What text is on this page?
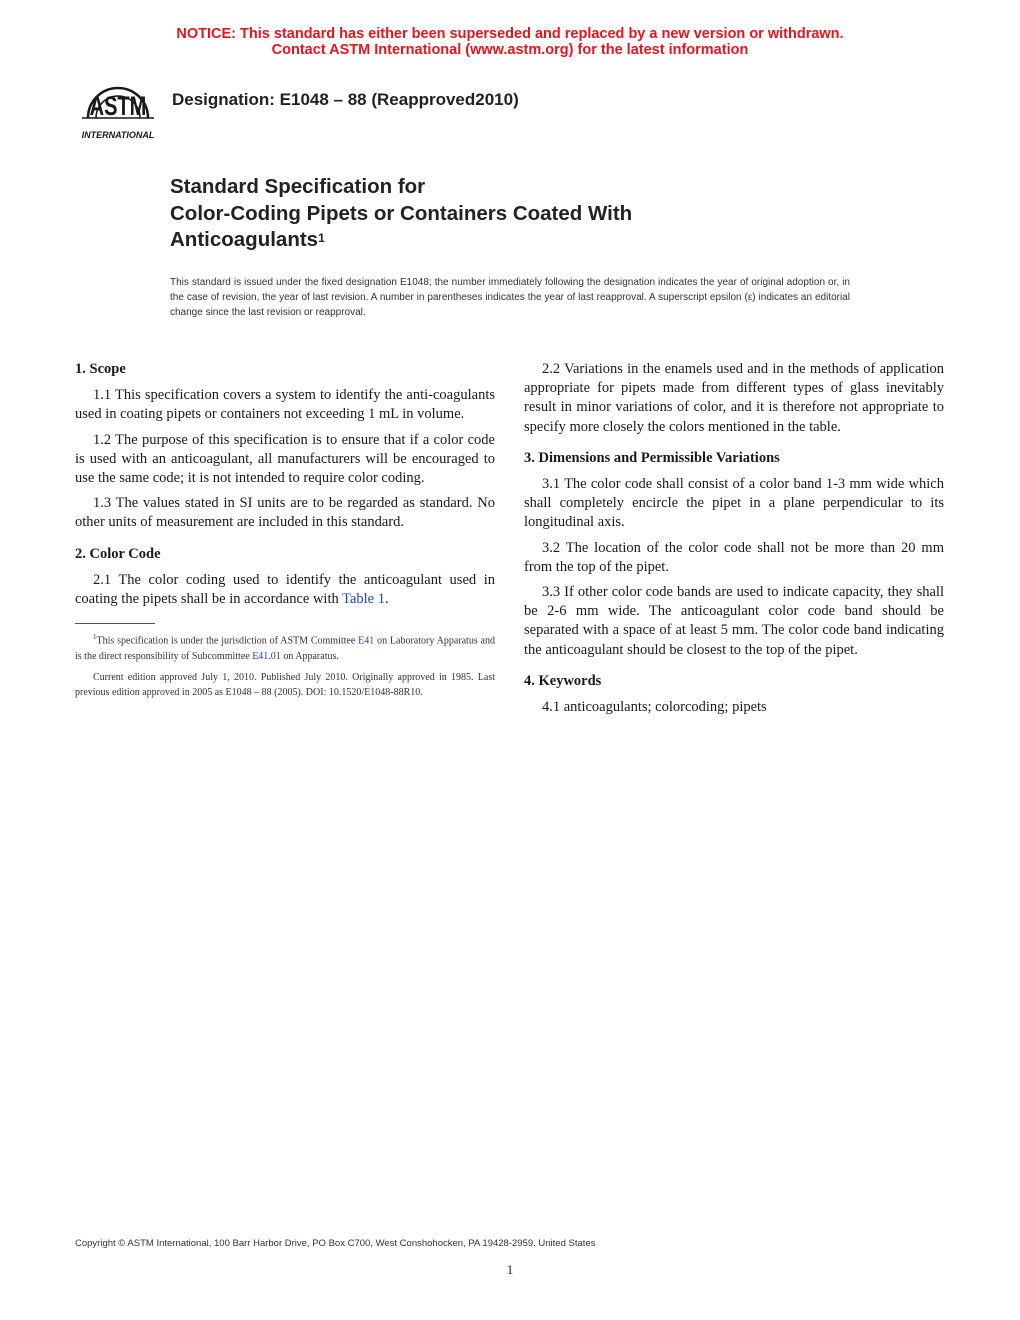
NOTICE: This standard has either been superseded and replaced by a new version or withdrawn.
Contact ASTM International (www.astm.org) for the latest information
ASTM
INTERNATIONAL
Designation: E1048 – 88 (Reapproved2010)
Standard Specification for
Color-Coding Pipets or Containers Coated With
Anticoagulants$^1$
This standard is issued under the fixed designation E1048; the number immediately following the designation indicates the year of original adoption or, in the case of revision, the year of last revision. A number in parentheses indicates the year of last reapproval. A superscript epsilon (ε) indicates an editorial change since the last revision or reapproval.
1. Scope

1.1 This specification covers a system to identify the anti-coagulants used in coating pipets or containers not exceeding 1 mL in volume.

1.2 The purpose of this specification is to ensure that if a color code is used with an anticoagulant, all manufacturers will be encouraged to use the same code; it is not intended to require color coding.

1.3 The values stated in SI units are to be regarded as standard. No other units of measurement are included in this standard.

2. Color Code

2.1 The color coding used to identify the anticoagulant used in coating the pipets shall be in accordance with Table 1.

$^1$This specification is under the jurisdiction of ASTM Committee E41 on Laboratory Apparatus and is the direct responsibility of Subcommittee E41.01 on Apparatus.

Current edition approved July 1, 2010. Published July 2010. Originally approved in 1985. Last previous edition approved in 2005 as E1048 – 88 (2005). DOI: 10.1520/E1048-88R10.

2.2 Variations in the enamels used and in the methods of application appropriate for pipets made from different types of glass inevitably result in minor variations of color, and it is therefore not appropriate to specify more closely the colors mentioned in the table.

3. Dimensions and Permissible Variations

3.1 The color code shall consist of a color band 1-3 mm wide which shall completely encircle the pipet in a plane perpendicular to its longitudinal axis.

3.2 The location of the color code shall not be more than 20 mm from the top of the pipet.

3.3 If other color code bands are used to indicate capacity, they shall be 2-6 mm wide. The anticoagulant color code band should be separated with a space of at least 5 mm. The color code band indicating the anticoagulant should be closest to the top of the pipet.

4. Keywords

4.1 anticoagulants; colorcoding; pipets

Copyright © ASTM International, 100 Barr Harbor Drive, PO Box C700, West Conshohocken, PA 19428-2959. United States
1
